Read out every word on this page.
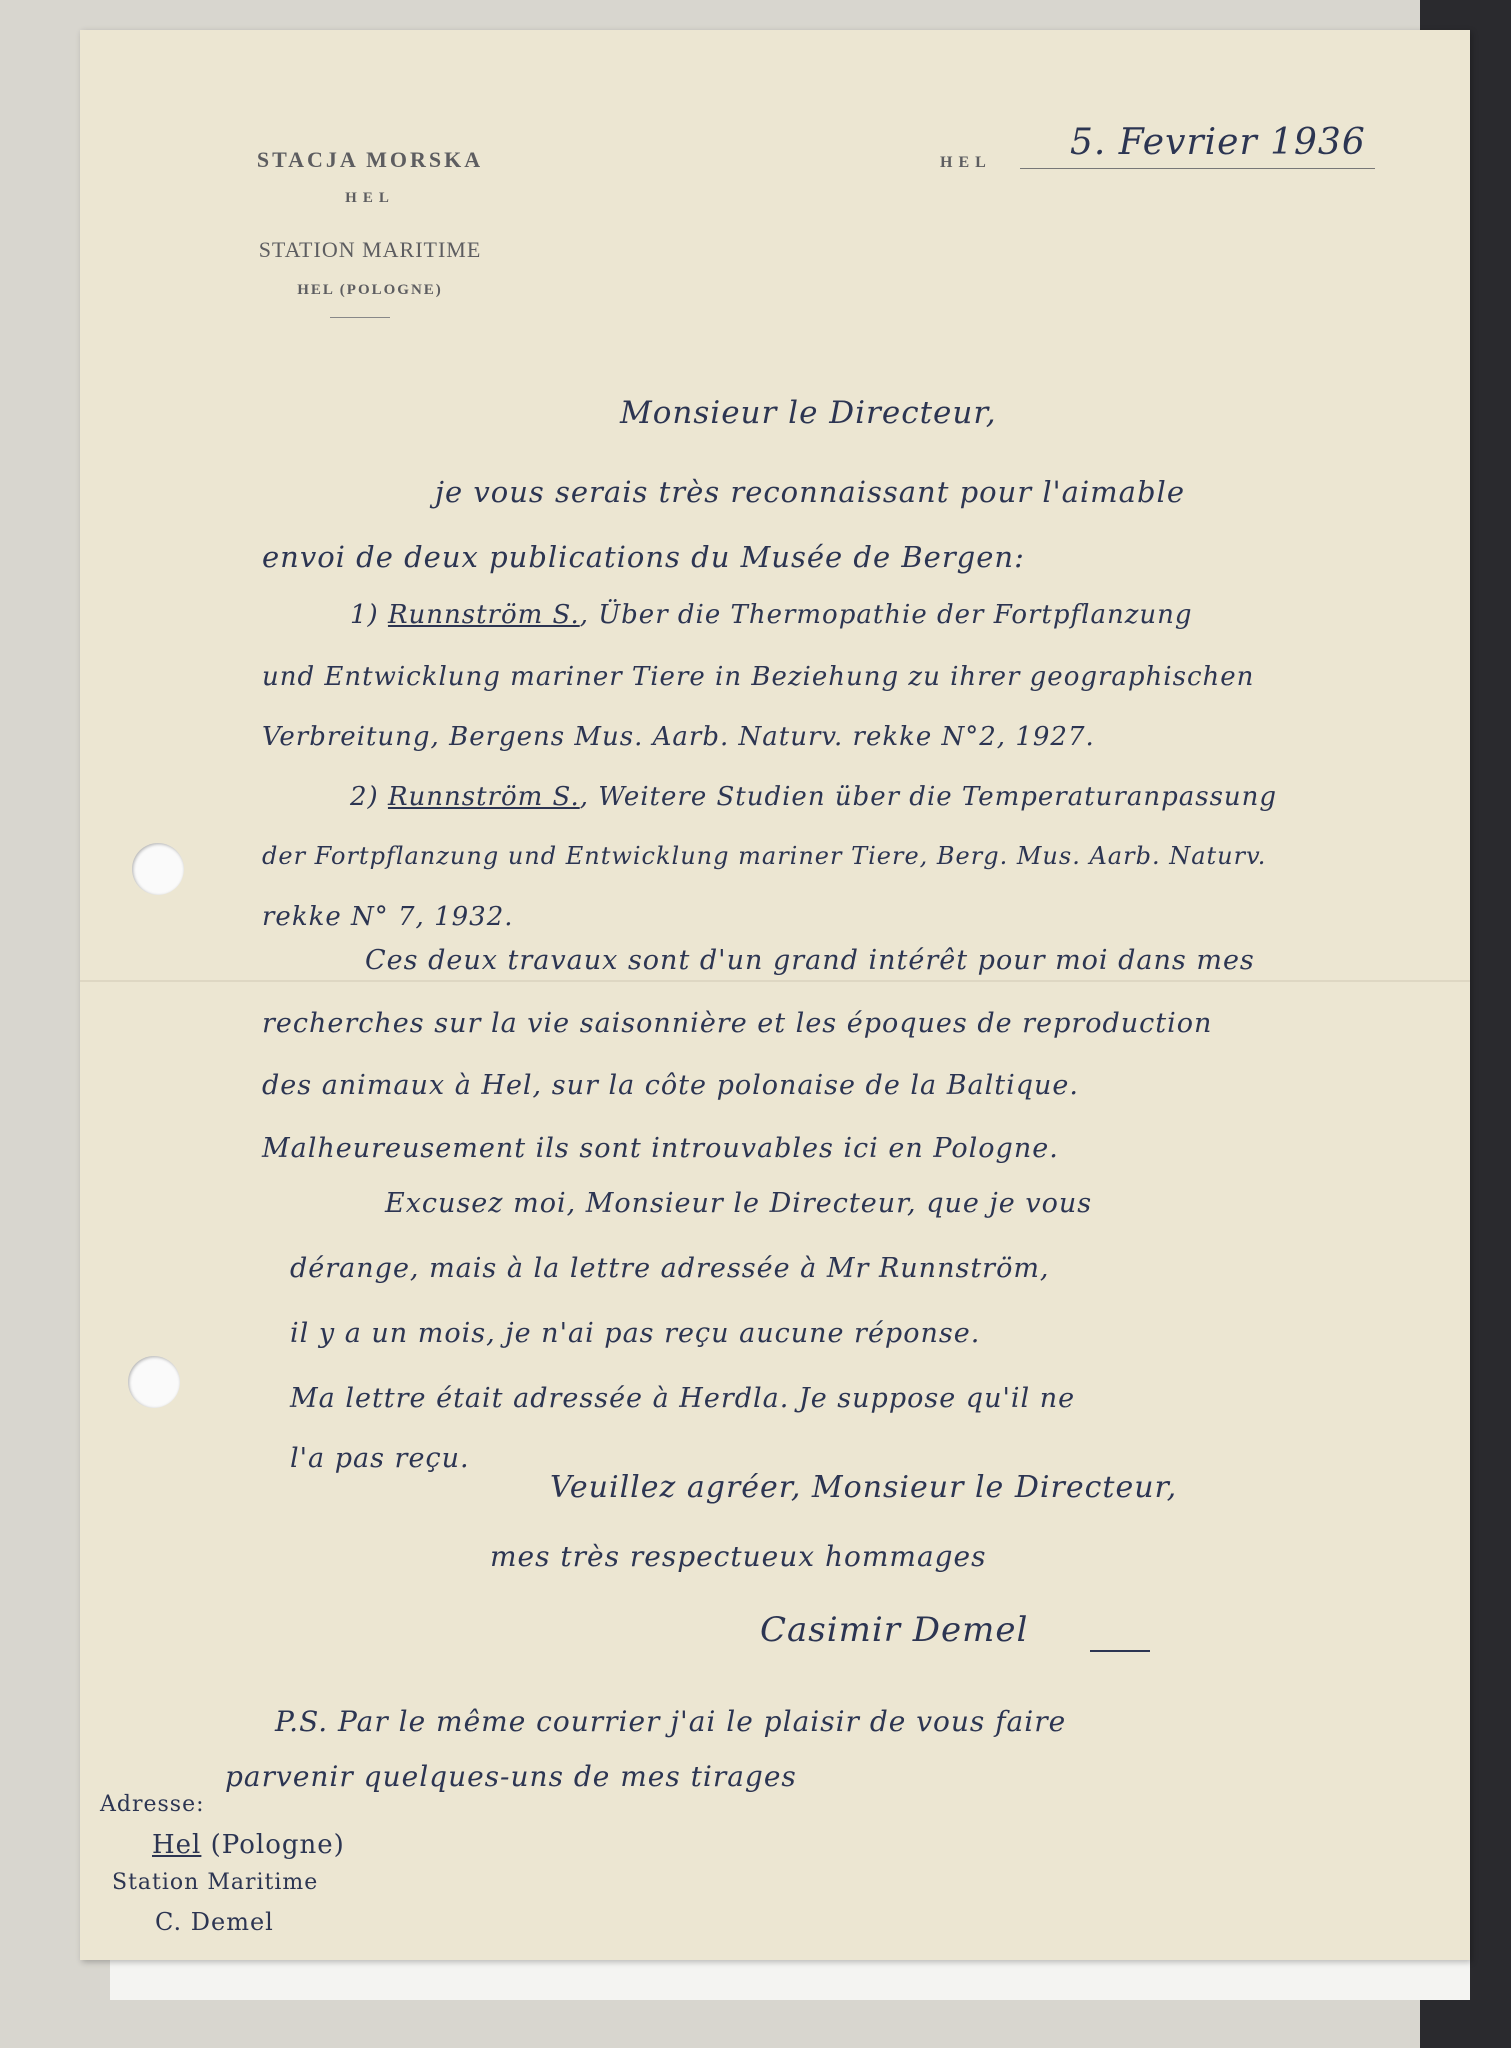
STACJA MORSKA
HEL
STATION MARITIME
HEL (POLOGNE)
HEL	5. Fevrier 1936
Monsieur le Directeur,
je vous serais très reconnaissant pour l'aimable
envoi de deux publications du Musée de Bergen:
1) Runnström S., Über die Thermopathie der Fortpflanzung
und Entwicklung mariner Tiere in Beziehung zu ihrer geographischen
Verbreitung, Bergens Mus. Aarb. Naturv. rekke N°2, 1927.
2) Runnström S., Weitere Studien über die Temperaturanpassung
der Fortpflanzung und Entwicklung mariner Tiere, Berg. Mus. Aarb. Naturv.
rekke N° 7, 1932.
Ces deux travaux sont d'un grand intérêt pour moi dans mes
recherches sur la vie saisonnière et les époques de reproduction
des animaux à Hel, sur la côte polonaise de la Baltique.
Malheureusement ils sont introuvables ici en Pologne.
Excusez moi, Monsieur le Directeur, que je vous
dérange, mais à la lettre adressée à Mr Runnström,
il y a un mois, je n'ai pas reçu aucune réponse.
Ma lettre était adressée à Herdla. Je suppose qu'il ne
l'a pas reçu.
Veuillez agréer, Monsieur le Directeur,
mes très respectueux hommages
Casimir Demel
P.S. Par le même courrier j'ai le plaisir de vous faire
parvenir quelques-uns de mes tirages
Adresse:
Hel (Pologne)
Station Maritime
C. Demel
